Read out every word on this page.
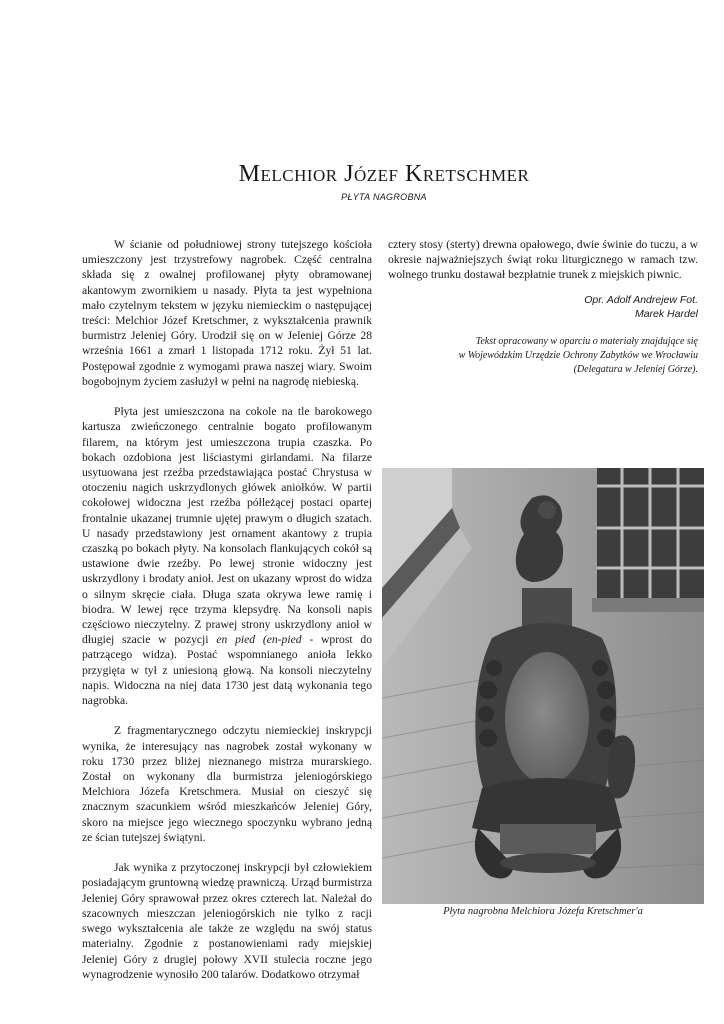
MELCHIOR JÓZEF KRETSCHMER
PŁYTA NAGROBNA

W ścianie od południowej strony tutejszego kościoła umieszczony jest trzystrefowy nagrobek. Część centralna składa się z owalnej profilowanej płyty obramowanej akantowym zwornikiem u nasady. Płyta ta jest wypełniona mało czytelnym tekstem w języku niemieckim o następującej treści: Melchior Józef Kretschmer, z wykształcenia prawnik burmistrz Jeleniej Góry. Urodził się on w Jeleniej Górze 28 września 1661 a zmarł 1 listopada 1712 roku. Żył 51 lat. Postępował zgodnie z wymogami prawa naszej wiary. Swoim bogobojnym życiem zasłużył w pełni na nagrodę niebieską.

Płyta jest umieszczona na cokole na tle barokowego kartusza zwieńczonego centralnie bogato profilowanym filarem, na którym jest umieszczona trupia czaszka. Po bokach ozdobiona jest liściastymi girlandami. Na filarze usytuowana jest rzeźba przedstawiająca postać Chrystusa w otoczeniu nagich uskrzydlonych główek aniołków. W partii cokołowej widoczna jest rzeźba półleżącej postaci opartej frontalnie ukazanej trumnie ujętej prawym o długich szatach. U nasady przedstawiony jest ornament akantowy z trupia czaszką po bokach płyty. Na konsolach flankujących cokół są ustawione dwie rzeźby. Po lewej stronie widoczny jest uskrzydlony i brodaty anioł. Jest on ukazany wprost do widza o silnym skręcie ciała. Długa szata okrywa lewe ramię i biodra. W lewej ręce trzyma klepsydrę. Na konsoli napis częściowo nieczytelny. Z prawej strony uskrzydlony anioł w długiej szacie w pozycji en pied (en-pied - wprost do patrzącego widza). Postać wspomnianego anioła lekko przygięta w tył z uniesioną głową. Na konsoli nieczytelny napis. Widoczna na niej data 1730 jest datą wykonania tego nagrobka.

Z fragmentarycznego odczytu niemieckiej inskrypcji wynika, że interesujący nas nagrobek został wykonany w roku 1730 przez bliżej nieznanego mistrza murarskiego. Został on wykonany dla burmistrza jeleniogórskiego Melchiora Józefa Kretschmera. Musiał on cieszyć się znacznym szacunkiem wśród mieszkańców Jeleniej Góry, skoro na miejsce jego wiecznego spoczynku wybrano jedną ze ścian tutejszej świątyni.

Jak wynika z przytoczonej inskrypcji był człowiekiem posiadającym gruntowną wiedzę prawniczą. Urząd burmistrza Jeleniej Góry sprawował przez okres czterech lat. Należał do szacownych mieszczan jeleniogórskich nie tylko z racji swego wykształcenia ale także ze względu na swój status materialny. Zgodnie z postanowieniami rady miejskiej Jeleniej Góry z drugiej połowy XVII stulecia roczne jego wynagrodzenie wynosiło 200 talarów. Dodatkowo otrzymał

cztery stosy (sterty) drewna opałowego, dwie świnie do tuczu, a w okresie najważniejszych świąt roku liturgicznego w ramach tzw. wolnego trunku dostawał bezpłatnie trunek z miejskich piwnic.

Opr. Adolf Andrejew Fot.
Marek Hardel
Tekst opracowany w oparciu o materiały znajdujące się
w Wojewódzkim Urzędzie Ochrony Zabytków we Wrocławiu
(Delegatura w Jeleniej Górze).
Płyta nagrobna Melchiora Józefa Kretschmer'a
